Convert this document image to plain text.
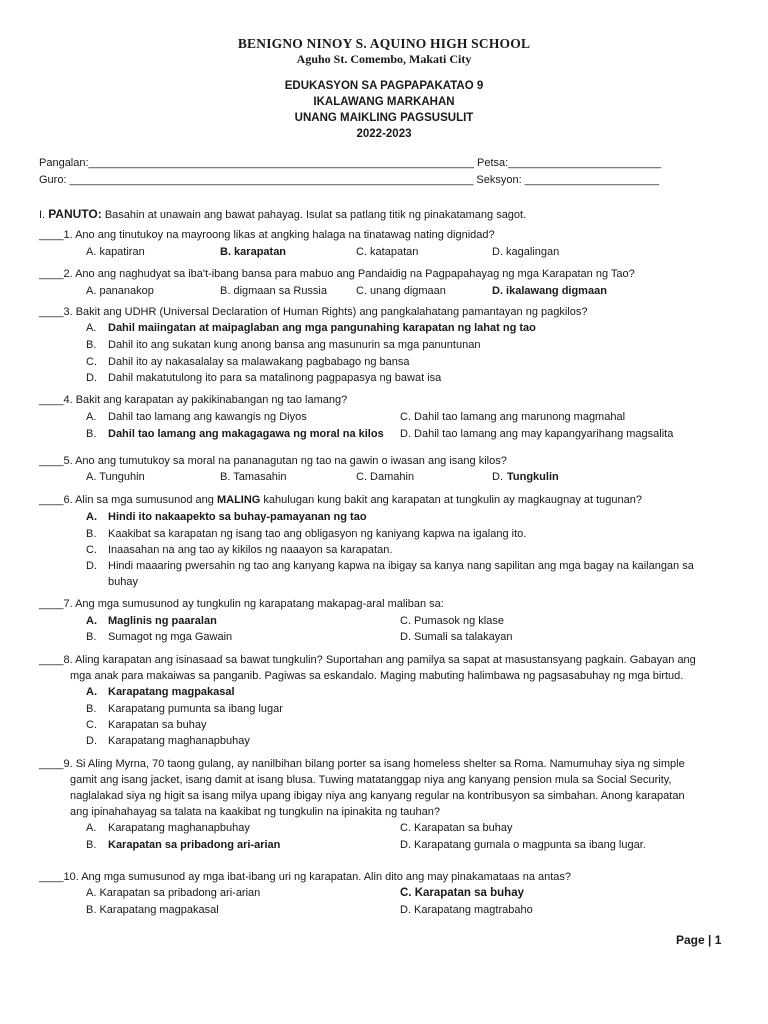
BENIGNO NINOY S. AQUINO HIGH SCHOOL
Aguho St. Comembo, Makati City
EDUKASYON SA PAGPAPAKATAO 9
IKALAWANG MARKAHAN
UNANG MAIKLING PAGSUSULIT
2022-2023
Pangalan:_______________________________________________________________ Petsa:_________________________
Guro: __________________________________________________________________ Seksyon: ______________________
I. PANUTO: Basahin at unawain ang bawat pahayag. Isulat sa patlang titik ng pinakatamang sagot.
____1. Ano ang tinutukoy na mayroong likas at angking halaga na tinatawag nating dignidad?
A. kapatiran	B. karapatan	C. katapatan	D. kagalingan
____2. Ano ang naghudyat sa iba't-ibang bansa para mabuo ang Pandaidig na Pagpapahayag ng mga Karapatan ng Tao?
A. pananakop	B. digmaan sa Russia	C. unang digmaan	D. ikalawang digmaan
____3. Bakit ang UDHR (Universal Declaration of Human Rights) ang pangkalahatang pamantayan ng pagkilos?
A. Dahil maiingatan at maipaglaban ang mga pangunahing karapatan ng lahat ng tao
B. Dahil ito ang sukatan kung anong bansa ang masunurin sa mga panuntunan
C. Dahil ito ay nakasalalay sa malawakang pagbabago ng bansa
D. Dahil makatutulong ito para sa matalinong pagpapasya ng bawat isa
____4. Bakit ang karapatan ay pakikinabangan ng tao lamang?
A. Dahil tao lamang ang kawangis ng Diyos	C. Dahil tao lamang ang marunong magmahal
B. Dahil tao lamang ang makagagawa ng moral na kilos D. Dahil tao lamang ang may kapangyarihang magsalita
____5. Ano ang tumutukoy sa moral na pananagutan ng tao na gawin o iwasan ang isang kilos?
A. Tunguhin	B. Tamasahin	C. Damahin	D. Tungkulin
____6. Alin sa mga sumusunod ang MALING kahulugan kung bakit ang karapatan at tungkulin ay magkaugnay at tugunan?
A. Hindi ito nakaapekto sa buhay-pamayanan ng tao
B. Kaakibat sa karapatan ng isang tao ang obligasyon ng kaniyang kapwa na igalang ito.
C. Inaasahan na ang tao ay kikilos ng naaayon sa karapatan.
D. Hindi maaaring pwersahin ng tao ang kanyang kapwa na ibigay sa kanya nang sapilitan ang mga bagay na kailangan sa
buhay
____7. Ang mga sumusunod ay tungkulin ng karapatang makapag-aral maliban sa:
A. Maglinis ng paaralan	C. Pumasok ng klase
B. Sumagot ng mga Gawain	D. Sumali sa talakayan
____8. Aling karapatan ang isinasaad sa bawat tungkulin? Suportahan ang pamilya sa sapat at masustansyang pagkain. Gabayan ang
mga anak para makaiwas sa panganib. Pagiwas sa eskandalo. Maging mabuting halimbawa ng pagsasabuhay ng mga birtud.
A. Karapatang magpakasal
B. Karapatang pumunta sa ibang lugar
C. Karapatan sa buhay
D. Karapatang maghanapbuhay
____9. Si Aling Myrna, 70 taong gulang, ay nanilbihan bilang porter sa isang homeless shelter sa Roma. Namumuhay siya ng simple
gamit ang isang jacket, isang damit at isang blusa. Tuwing matatanggap niya ang kanyang pension mula sa Social Security,
naglalakad siya ng higit sa isang milya upang ibigay niya ang kanyang regular na kontribusyon sa simbahan. Anong karapatan
ang ipinahahayag sa talata na kaakibat ng tungkulin na ipinakita ng tauhan?
A. Karapatang maghanapbuhay	C. Karapatan sa buhay
B. Karapatan sa pribadong ari-arian	D. Karapatang gumala o magpunta sa ibang lugar.
____10. Ang mga sumusunod ay mga ibat-ibang uri ng karapatan. Alin dito ang may pinakamataas na antas?
A. Karapatan sa pribadong ari-arian	C. Karapatan sa buhay
B. Karapatang magpakasal	D. Karapatang magtrabaho
Page | 1
